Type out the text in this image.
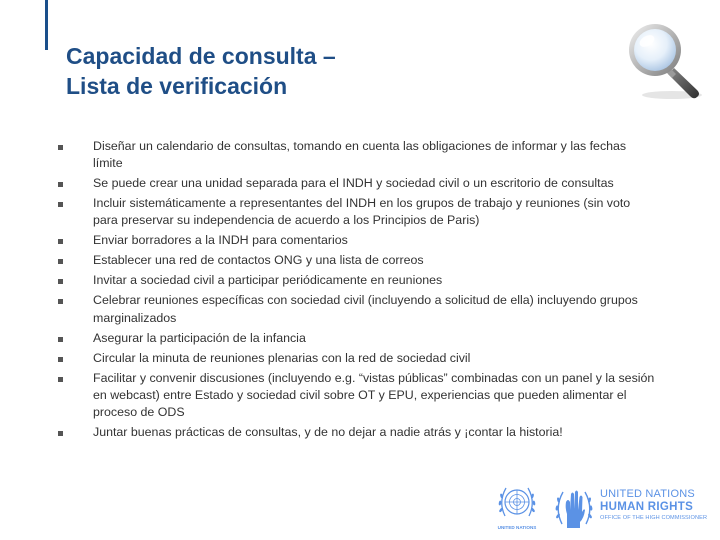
Capacidad de consulta –
Lista de verificación
Diseñar un calendario de consultas, tomando en cuenta las obligaciones de informar y las fechas límite
Se puede crear una unidad separada para el INDH y sociedad civil o un escritorio de consultas
Incluir sistemáticamente a representantes del INDH en los grupos de trabajo y reuniones (sin voto para preservar su independencia de acuerdo a los Principios de Paris)
Enviar borradores a la INDH para comentarios
Establecer una red de contactos ONG y una lista de correos
Invitar a sociedad civil a participar periódicamente en reuniones
Celebrar reuniones específicas con sociedad civil (incluyendo a solicitud de ella) incluyendo grupos marginalizados
Asegurar la participación de la infancia
Circular la minuta de reuniones plenarias con la red de sociedad civil
Facilitar y convenir discusiones (incluyendo e.g. “vistas públicas” combinadas con un panel y la sesión en webcast) entre Estado y sociedad civil sobre OT y EPU, experiencias que pueden alimentar el proceso de ODS
Juntar buenas prácticas de consultas, y de no dejar a nadie atrás y ¡contar la historia!
UNITED NATIONS
UNITED NATIONS
HUMAN RIGHTS
OFFICE OF THE HIGH COMMISSIONER
